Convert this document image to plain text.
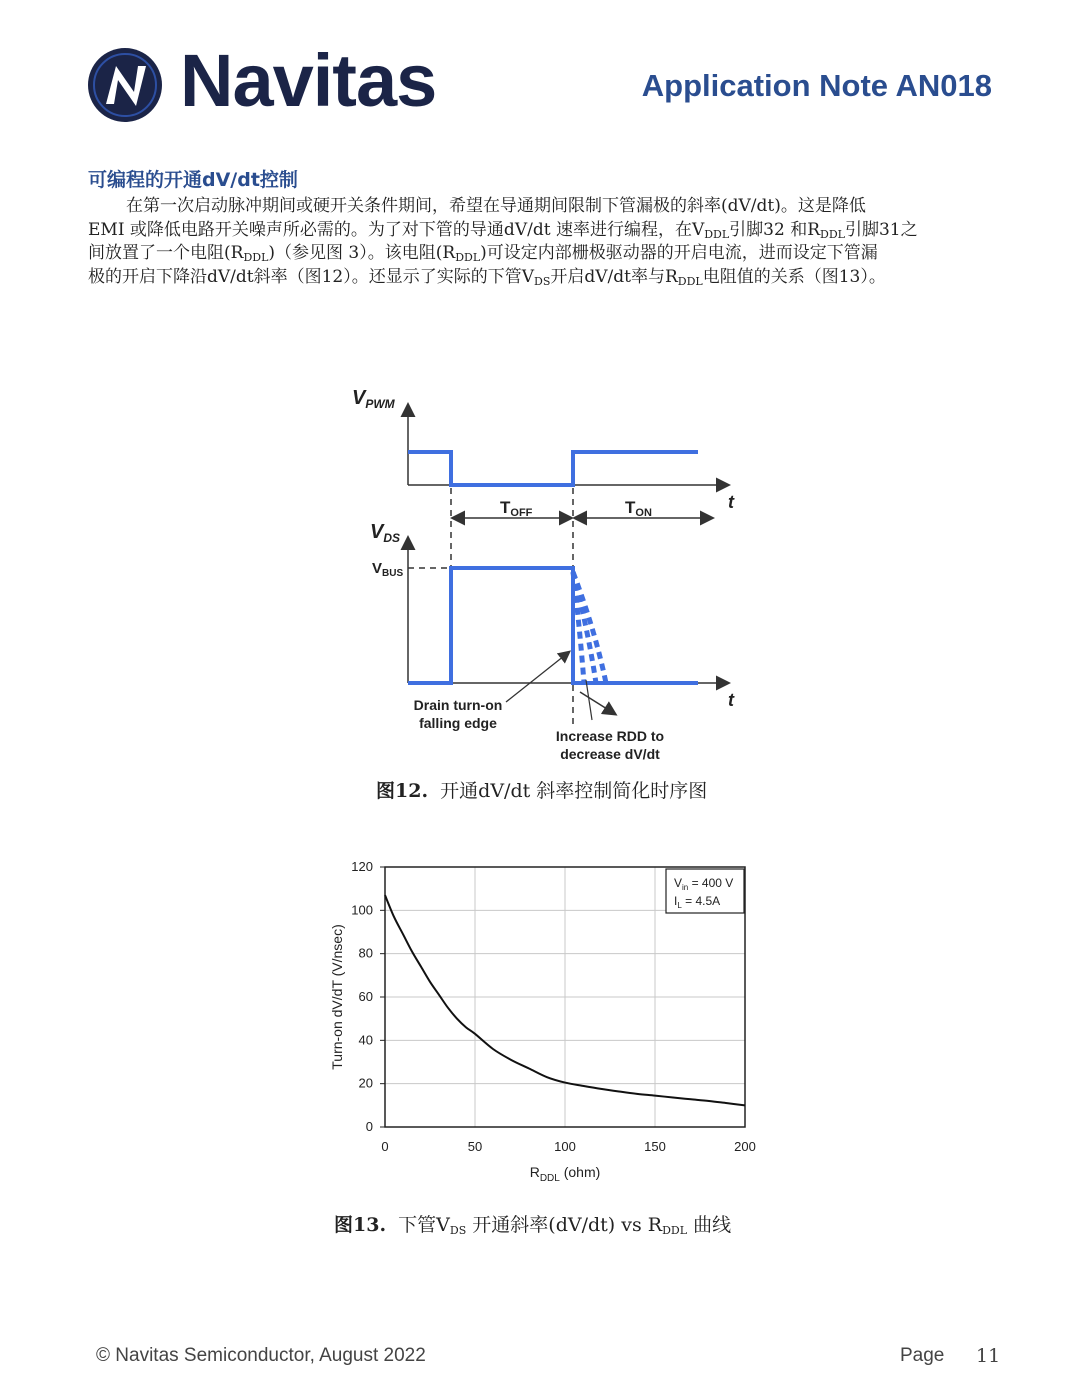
Navitas	Application Note AN018
可编程的开通dV/dt控制
在第一次启动脉冲期间或硬开关条件期间，希望在导通期间限制下管漏极的斜率(dV/dt)。这是降低
EMI 或降低电路开关噪声所必需的。为了对下管的导通dV/dt 速率进行编程，在$V_{DDL}$引脚32 和$R_{DDL}$引脚31之
间放置了一个电阻$(R_{DDL})$（参见图 3）。该电阻$(R_{DDL})$可设定内部栅极驱动器的开启电流，进而设定下管漏
极的开启下降沿dV/dt斜率（图12）。还显示了实际的下管$V_{DS}$开启dV/dt率与$R_{DDL}$电阻值的关系（图13）。
$V_{PWM}$
t
TOFF	TON
$V_{DS}$
$V_{BUS}$
t
Drain turn-on
falling edge
Increase RDD to
decrease dV/dt
图12. 开通dV/dt 斜率控制简化时序图
0	50	100	150	200
0
20
40
60
80
100
120
$V_{in} = 400$ V
$I_L = 4.5A$
Turn-on dV/dT (V/nsec)
$R_{DDL}$ (ohm)
图13. 下管$V_{DS}$ 开通斜率(dV/dt) vs $R_{DDL}$ 曲线
© Navitas Semiconductor, August 2022	Page 11
